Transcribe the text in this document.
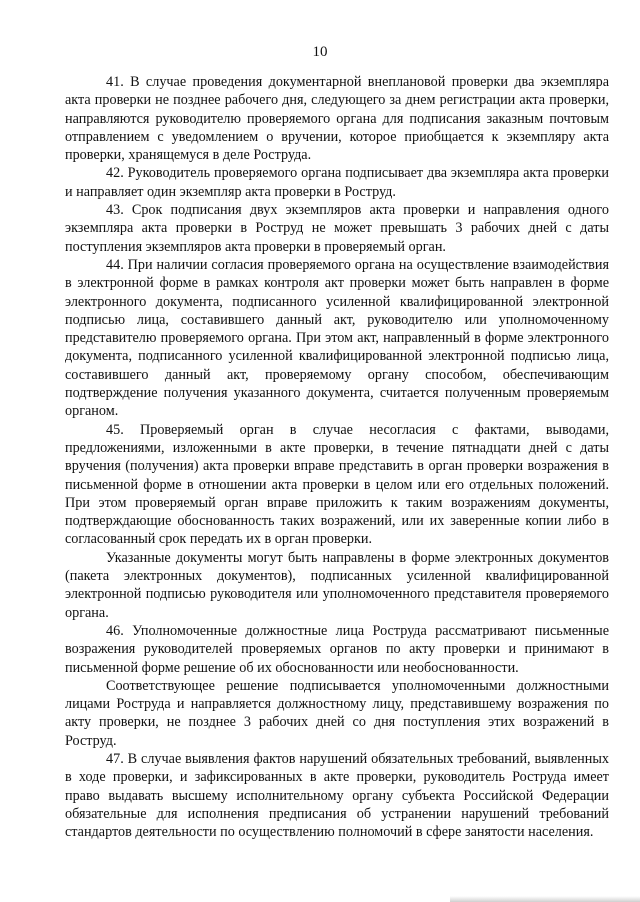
10

41. В случае проведения документарной внеплановой проверки два экземпляра акта проверки не позднее рабочего дня, следующего за днем регистрации акта проверки, направляются руководителю проверяемого органа для подписания заказным почтовым отправлением с уведомлением о вручении, которое приобщается к экземпляру акта проверки, хранящемуся в деле Роструда.

42. Руководитель проверяемого органа подписывает два экземпляра акта проверки и направляет один экземпляр акта проверки в Роструд.

43. Срок подписания двух экземпляров акта проверки и направления одного экземпляра акта проверки в Роструд не может превышать 3 рабочих дней с даты поступления экземпляров акта проверки в проверяемый орган.

44. При наличии согласия проверяемого органа на осуществление взаимодействия в электронной форме в рамках контроля акт проверки может быть направлен в форме электронного документа, подписанного усиленной квалифицированной электронной подписью лица, составившего данный акт, руководителю или уполномоченному представителю проверяемого органа. При этом акт, направленный в форме электронного документа, подписанного усиленной квалифицированной электронной подписью лица, составившего данный акт, проверяемому органу способом, обеспечивающим подтверждение получения указанного документа, считается полученным проверяемым органом.

45. Проверяемый орган в случае несогласия с фактами, выводами, предложениями, изложенными в акте проверки, в течение пятнадцати дней с даты вручения (получения) акта проверки вправе представить в орган проверки возражения в письменной форме в отношении акта проверки в целом или его отдельных положений. При этом проверяемый орган вправе приложить к таким возражениям документы, подтверждающие обоснованность таких возражений, или их заверенные копии либо в согласованный срок передать их в орган проверки.

Указанные документы могут быть направлены в форме электронных документов (пакета электронных документов), подписанных усиленной квалифицированной электронной подписью руководителя или уполномоченного представителя проверяемого органа.

46. Уполномоченные должностные лица Роструда рассматривают письменные возражения руководителей проверяемых органов по акту проверки и принимают в письменной форме решение об их обоснованности или необоснованности.

Соответствующее решение подписывается уполномоченными должностными лицами Роструда и направляется должностному лицу, представившему возражения по акту проверки, не позднее 3 рабочих дней со дня поступления этих возражений в Роструд.

47. В случае выявления фактов нарушений обязательных требований, выявленных в ходе проверки, и зафиксированных в акте проверки, руководитель Роструда имеет право выдавать высшему исполнительному органу субъекта Российской Федерации обязательные для исполнения предписания об устранении нарушений требований стандартов деятельности по осуществлению полномочий в сфере занятости населения.
